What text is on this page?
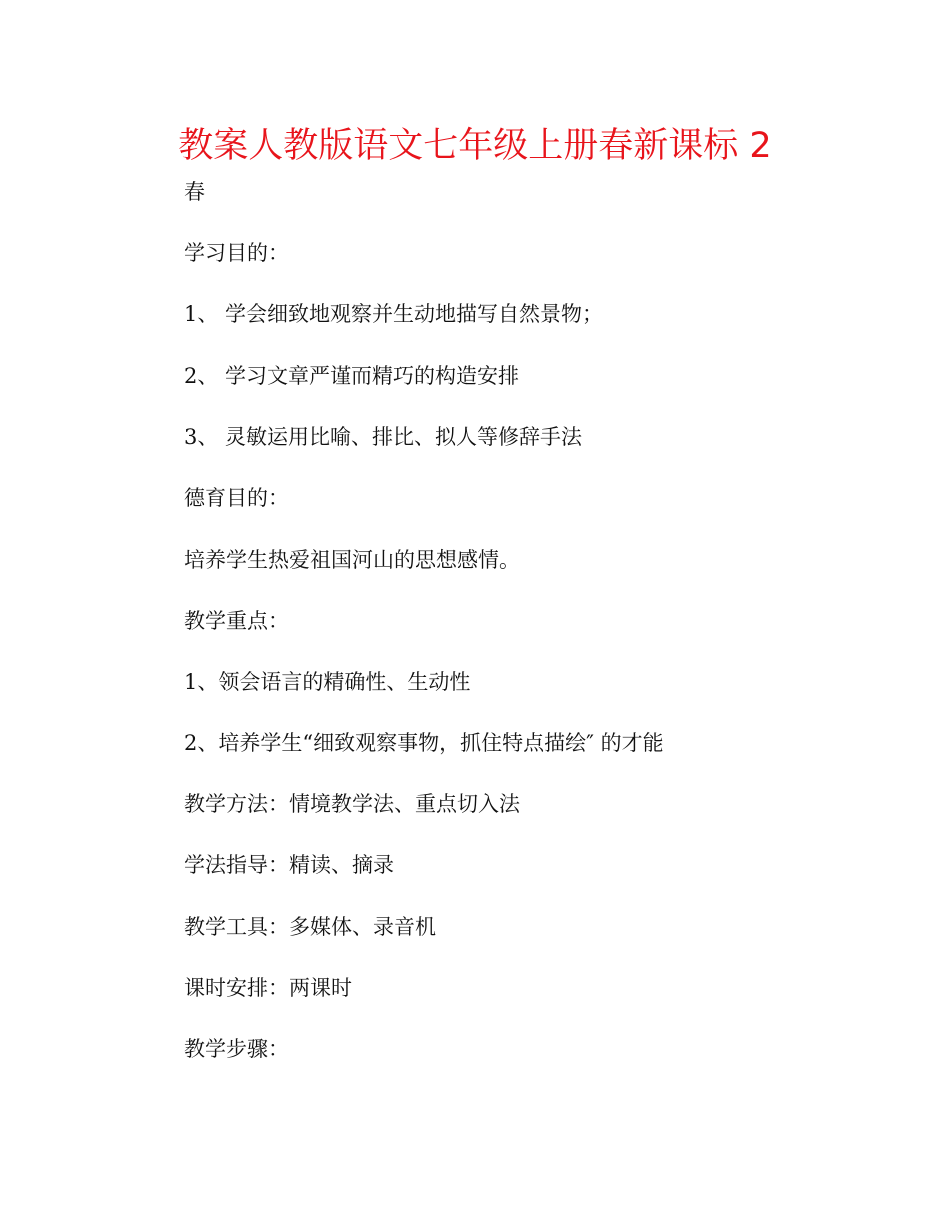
教案人教版语文七年级上册春新课标 2
春
学习目的：
1、 学会细致地观察并生动地描写自然景物；
2、 学习文章严谨而精巧的构造安排
3、 灵敏运用比喻、排比、拟人等修辞手法
德育目的：
培养学生热爱祖国河山的思想感情。
教学重点：
1、领会语言的精确性、生动性
2、培养学生“细致观察事物，抓住特点描绘″ 的才能
教学方法：情境教学法、重点切入法
学法指导：精读、摘录
教学工具：多媒体、录音机
课时安排：两课时
教学步骤：
